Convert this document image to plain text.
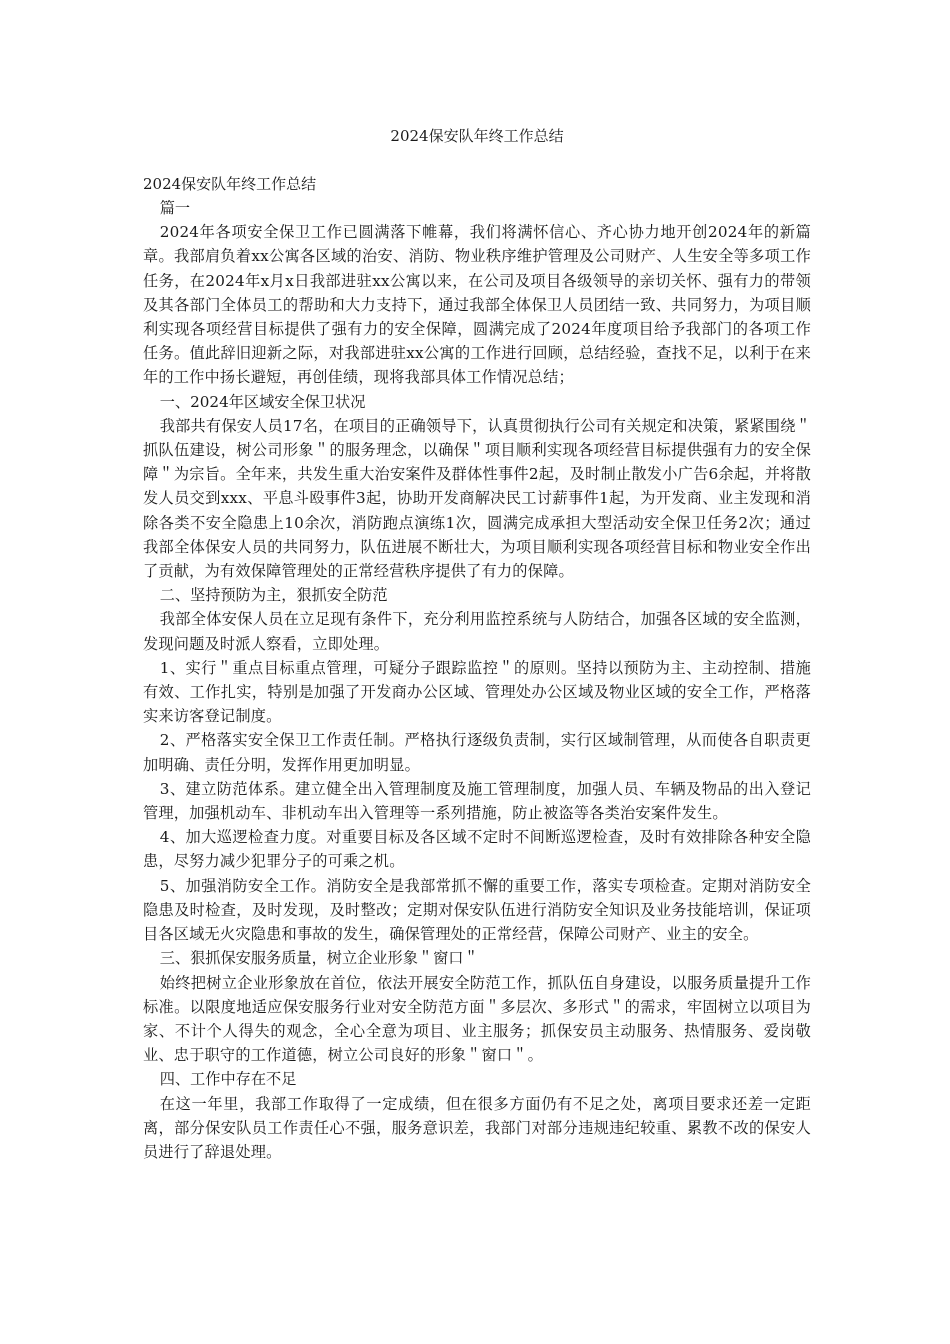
2024保安队年终工作总结

2024保安队年终工作总结

篇一

2024年各项安全保卫工作已圆满落下帷幕，我们将满怀信心、齐心协力地开创2024年的新篇章。我部肩负着xx公寓各区域的治安、消防、物业秩序维护管理及公司财产、人生安全等多项工作任务，在2024年x月x日我部进驻xx公寓以来，在公司及项目各级领导的亲切关怀、强有力的带领及其各部门全体员工的帮助和大力支持下，通过我部全体保卫人员团结一致、共同努力，为项目顺利实现各项经营目标提供了强有力的安全保障，圆满完成了2024年度项目给予我部门的各项工作任务。值此辞旧迎新之际，对我部进驻xx公寓的工作进行回顾，总结经验，查找不足，以利于在来年的工作中扬长避短，再创佳绩，现将我部具体工作情况总结；

一、2024年区域安全保卫状况

我部共有保安人员17名，在项目的正确领导下，认真贯彻执行公司有关规定和决策，紧紧围绕＂抓队伍建设，树公司形象＂的服务理念，以确保＂项目顺利实现各项经营目标提供强有力的安全保障＂为宗旨。全年来，共发生重大治安案件及群体性事件2起，及时制止散发小广告6余起，并将散发人员交到xxx、平息斗殴事件3起，协助开发商解决民工讨薪事件1起，为开发商、业主发现和消除各类不安全隐患上10余次，消防跑点演练1次，圆满完成承担大型活动安全保卫任务2次；通过我部全体保安人员的共同努力，队伍进展不断壮大，为项目顺利实现各项经营目标和物业安全作出了贡献，为有效保障管理处的正常经营秩序提供了有力的保障。

二、坚持预防为主，狠抓安全防范

我部全体安保人员在立足现有条件下，充分利用监控系统与人防结合，加强各区域的安全监测，发现问题及时派人察看，立即处理。

1、实行＂重点目标重点管理，可疑分子跟踪监控＂的原则。坚持以预防为主、主动控制、措施有效、工作扎实，特别是加强了开发商办公区域、管理处办公区域及物业区域的安全工作，严格落实来访客登记制度。

2、严格落实安全保卫工作责任制。严格执行逐级负责制，实行区域制管理，从而使各自职责更加明确、责任分明，发挥作用更加明显。

3、建立防范体系。建立健全出入管理制度及施工管理制度，加强人员、车辆及物品的出入登记管理，加强机动车、非机动车出入管理等一系列措施，防止被盗等各类治安案件发生。

4、加大巡逻检查力度。对重要目标及各区域不定时不间断巡逻检查，及时有效排除各种安全隐患，尽努力减少犯罪分子的可乘之机。

5、加强消防安全工作。消防安全是我部常抓不懈的重要工作，落实专项检查。定期对消防安全隐患及时检查，及时发现，及时整改；定期对保安队伍进行消防安全知识及业务技能培训，保证项目各区域无火灾隐患和事故的发生，确保管理处的正常经营，保障公司财产、业主的安全。

三、狠抓保安服务质量，树立企业形象＂窗口＂

始终把树立企业形象放在首位，依法开展安全防范工作，抓队伍自身建设，以服务质量提升工作标准。以限度地适应保安服务行业对安全防范方面＂多层次、多形式＂的需求，牢固树立以项目为家、不计个人得失的观念，全心全意为项目、业主服务；抓保安员主动服务、热情服务、爱岗敬业、忠于职守的工作道德，树立公司良好的形象＂窗口＂。

四、工作中存在不足

在这一年里，我部工作取得了一定成绩，但在很多方面仍有不足之处，离项目要求还差一定距离，部分保安队员工作责任心不强，服务意识差，我部门对部分违规违纪较重、累教不改的保安人员进行了辞退处理。
